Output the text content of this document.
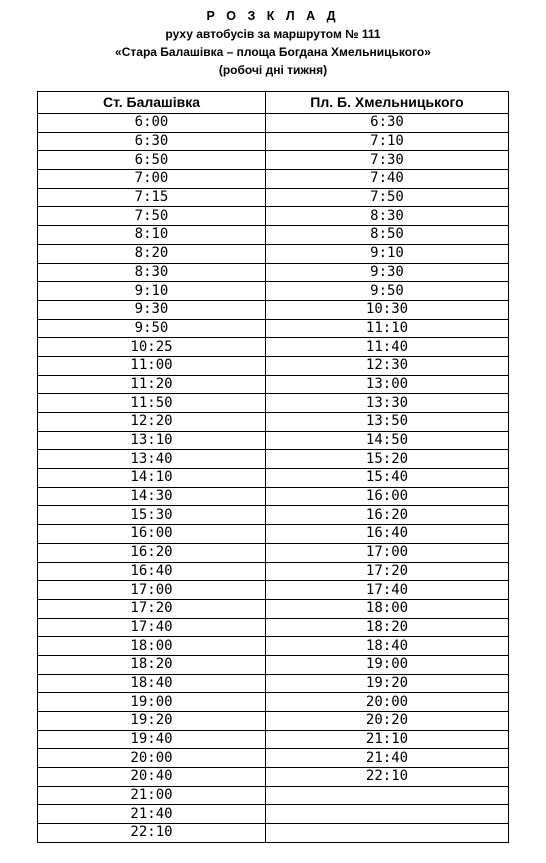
Р О З К Л А Д
руху автобусів за маршрутом № 111
«Стара Балашівка – площа Богдана Хмельницького»
(робочі дні тижня)
Ст. Балашівка	Пл. Б. Хмельницького
6:00	6:30
6:30	7:10
6:50	7:30
7:00	7:40
7:15	7:50
7:50	8:30
8:10	8:50
8:20	9:10
8:30	9:30
9:10	9:50
9:30	10:30
9:50	11:10
10:25	11:40
11:00	12:30
11:20	13:00
11:50	13:30
12:20	13:50
13:10	14:50
13:40	15:20
14:10	15:40
14:30	16:00
15:30	16:20
16:00	16:40
16:20	17:00
16:40	17:20
17:00	17:40
17:20	18:00
17:40	18:20
18:00	18:40
18:20	19:00
18:40	19:20
19:00	20:00
19:20	20:20
19:40	21:10
20:00	21:40
20:40	22:10
21:00	
21:40	
22:10	
